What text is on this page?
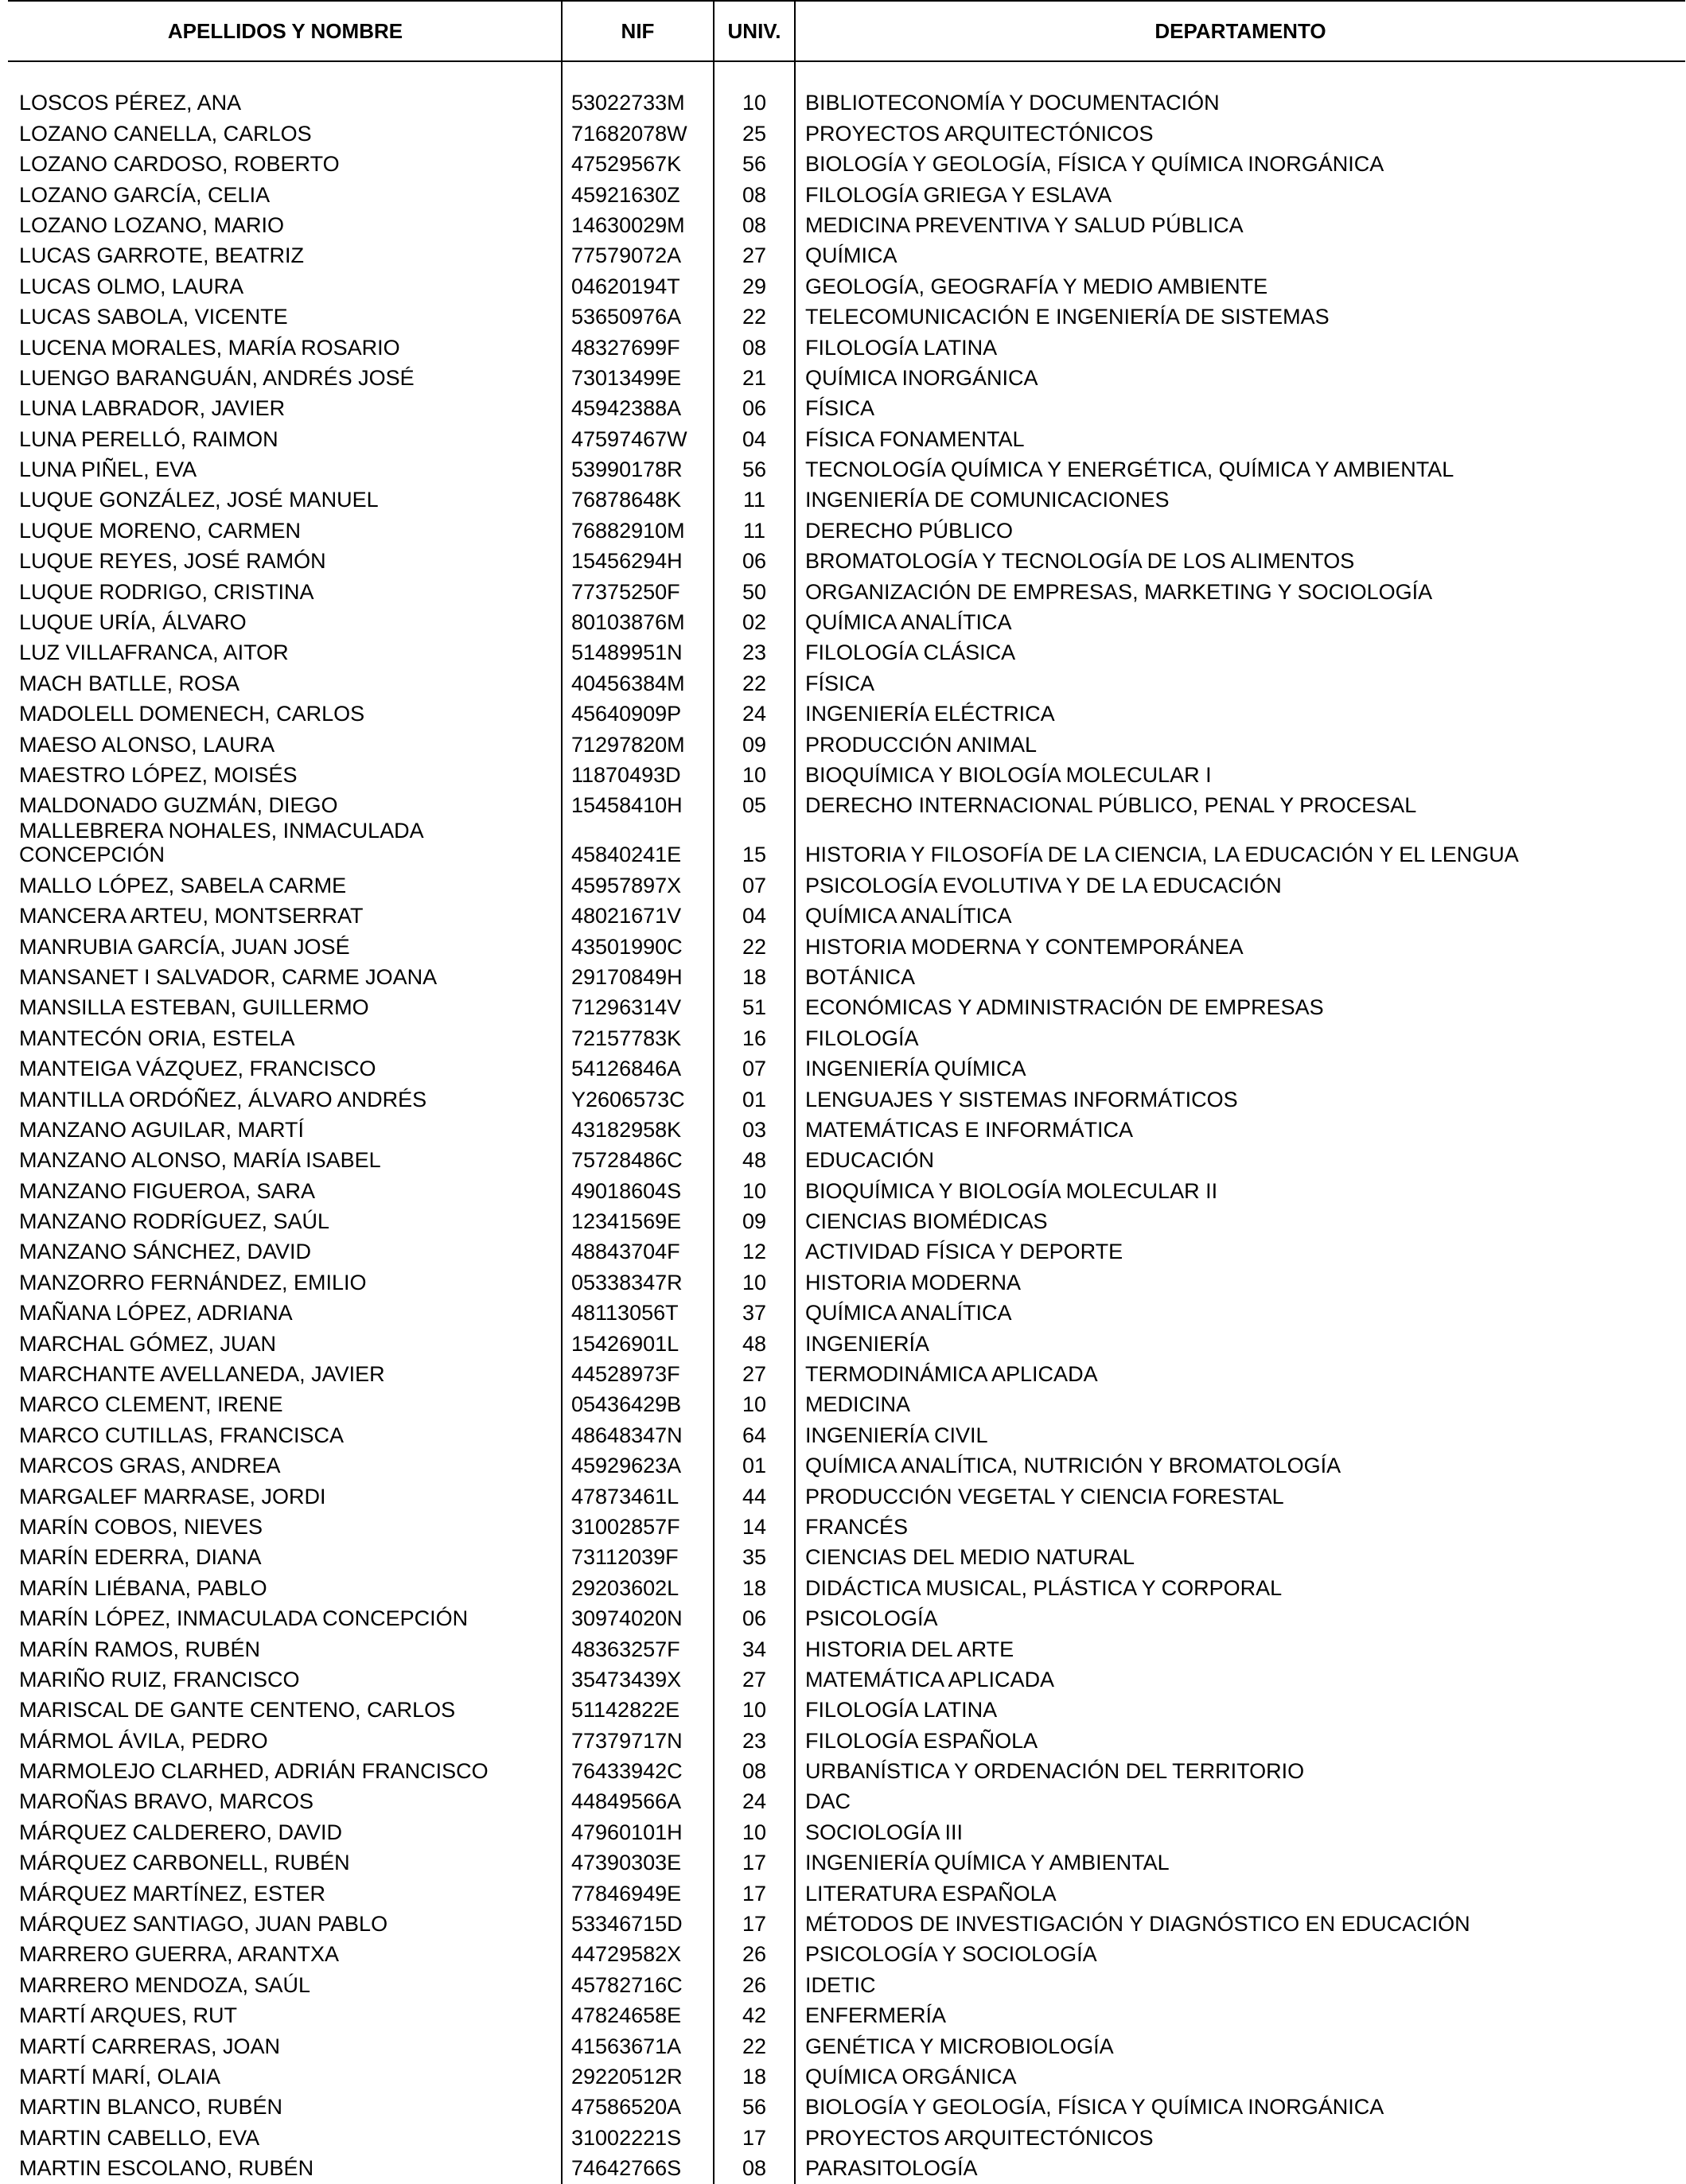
APELLIDOS Y NOMBRE	NIF	UNIV.	DEPARTAMENTO
LOSCOS PÉREZ, ANA	53022733M	10	BIBLIOTECONOMÍA Y DOCUMENTACIÓN
LOZANO CANELLA, CARLOS	71682078W	25	PROYECTOS ARQUITECTÓNICOS
LOZANO CARDOSO, ROBERTO	47529567K	56	BIOLOGÍA Y GEOLOGÍA, FÍSICA Y QUÍMICA INORGÁNICA
LOZANO GARCÍA, CELIA	45921630Z	08	FILOLOGÍA GRIEGA Y ESLAVA
LOZANO LOZANO, MARIO	14630029M	08	MEDICINA PREVENTIVA Y SALUD PÚBLICA
LUCAS GARROTE, BEATRIZ	77579072A	27	QUÍMICA
LUCAS OLMO, LAURA	04620194T	29	GEOLOGÍA, GEOGRAFÍA Y MEDIO AMBIENTE
LUCAS SABOLA, VICENTE	53650976A	22	TELECOMUNICACIÓN E INGENIERÍA DE SISTEMAS
LUCENA MORALES, MARÍA ROSARIO	48327699F	08	FILOLOGÍA LATINA
LUENGO BARANGUÁN, ANDRÉS JOSÉ	73013499E	21	QUÍMICA INORGÁNICA
LUNA LABRADOR, JAVIER	45942388A	06	FÍSICA
LUNA PERELLÓ, RAIMON	47597467W	04	FÍSICA FONAMENTAL
LUNA PIÑEL, EVA	53990178R	56	TECNOLOGÍA QUÍMICA Y ENERGÉTICA, QUÍMICA Y AMBIENTAL
LUQUE GONZÁLEZ, JOSÉ MANUEL	76878648K	11	INGENIERÍA DE COMUNICACIONES
LUQUE MORENO, CARMEN	76882910M	11	DERECHO PÚBLICO
LUQUE REYES, JOSÉ RAMÓN	15456294H	06	BROMATOLOGÍA Y TECNOLOGÍA DE LOS ALIMENTOS
LUQUE RODRIGO, CRISTINA	77375250F	50	ORGANIZACIÓN DE EMPRESAS, MARKETING Y SOCIOLOGÍA
LUQUE URÍA, ÁLVARO	80103876M	02	QUÍMICA ANALÍTICA
LUZ VILLAFRANCA, AITOR	51489951N	23	FILOLOGÍA CLÁSICA
MACH BATLLE, ROSA	40456384M	22	FÍSICA
MADOLELL DOMENECH, CARLOS	45640909P	24	INGENIERÍA ELÉCTRICA
MAESO ALONSO, LAURA	71297820M	09	PRODUCCIÓN ANIMAL
MAESTRO LÓPEZ, MOISÉS	11870493D	10	BIOQUÍMICA Y BIOLOGÍA MOLECULAR I
MALDONADO GUZMÁN, DIEGO	15458410H	05	DERECHO INTERNACIONAL PÚBLICO, PENAL Y PROCESAL
MALLEBRERA NOHALES, INMACULADA CONCEPCIÓN	45840241E	15	HISTORIA Y FILOSOFÍA DE LA CIENCIA, LA EDUCACIÓN Y EL LENGUA
MALLO LÓPEZ, SABELA CARME	45957897X	07	PSICOLOGÍA EVOLUTIVA Y DE LA EDUCACIÓN
MANCERA ARTEU, MONTSERRAT	48021671V	04	QUÍMICA ANALÍTICA
MANRUBIA GARCÍA, JUAN JOSÉ	43501990C	22	HISTORIA MODERNA Y CONTEMPORÁNEA
MANSANET I SALVADOR, CARME JOANA	29170849H	18	BOTÁNICA
MANSILLA ESTEBAN, GUILLERMO	71296314V	51	ECONÓMICAS Y ADMINISTRACIÓN DE EMPRESAS
MANTECÓN ORIA, ESTELA	72157783K	16	FILOLOGÍA
MANTEIGA VÁZQUEZ, FRANCISCO	54126846A	07	INGENIERÍA QUÍMICA
MANTILLA ORDÓÑEZ, ÁLVARO ANDRÉS	Y2606573C	01	LENGUAJES Y SISTEMAS INFORMÁTICOS
MANZANO AGUILAR, MARTÍ	43182958K	03	MATEMÁTICAS E INFORMÁTICA
MANZANO ALONSO, MARÍA ISABEL	75728486C	48	EDUCACIÓN
MANZANO FIGUEROA, SARA	49018604S	10	BIOQUÍMICA Y BIOLOGÍA MOLECULAR II
MANZANO RODRÍGUEZ, SAÚL	12341569E	09	CIENCIAS BIOMÉDICAS
MANZANO SÁNCHEZ, DAVID	48843704F	12	ACTIVIDAD FÍSICA Y DEPORTE
MANZORRO FERNÁNDEZ, EMILIO	05338347R	10	HISTORIA MODERNA
MAÑANA LÓPEZ, ADRIANA	48113056T	37	QUÍMICA ANALÍTICA
MARCHAL GÓMEZ, JUAN	15426901L	48	INGENIERÍA
MARCHANTE AVELLANEDA, JAVIER	44528973F	27	TERMODINÁMICA APLICADA
MARCO CLEMENT, IRENE	05436429B	10	MEDICINA
MARCO CUTILLAS, FRANCISCA	48648347N	64	INGENIERÍA CIVIL
MARCOS GRAS, ANDREA	45929623A	01	QUÍMICA ANALÍTICA, NUTRICIÓN Y BROMATOLOGÍA
MARGALEF MARRASE, JORDI	47873461L	44	PRODUCCIÓN VEGETAL Y CIENCIA FORESTAL
MARÍN COBOS, NIEVES	31002857F	14	FRANCÉS
MARÍN EDERRA, DIANA	73112039F	35	CIENCIAS DEL MEDIO NATURAL
MARÍN LIÉBANA, PABLO	29203602L	18	DIDÁCTICA MUSICAL, PLÁSTICA Y CORPORAL
MARÍN LÓPEZ, INMACULADA CONCEPCIÓN	30974020N	06	PSICOLOGÍA
MARÍN RAMOS, RUBÉN	48363257F	34	HISTORIA DEL ARTE
MARIÑO RUIZ, FRANCISCO	35473439X	27	MATEMÁTICA APLICADA
MARISCAL DE GANTE CENTENO, CARLOS	51142822E	10	FILOLOGÍA LATINA
MÁRMOL ÁVILA, PEDRO	77379717N	23	FILOLOGÍA ESPAÑOLA
MARMOLEJO CLARHED, ADRIÁN FRANCISCO	76433942C	08	URBANÍSTICA Y ORDENACIÓN DEL TERRITORIO
MAROÑAS BRAVO, MARCOS	44849566A	24	DAC
MÁRQUEZ CALDERERO, DAVID	47960101H	10	SOCIOLOGÍA III
MÁRQUEZ CARBONELL, RUBÉN	47390303E	17	INGENIERÍA QUÍMICA Y AMBIENTAL
MÁRQUEZ MARTÍNEZ, ESTER	77846949E	17	LITERATURA ESPAÑOLA
MÁRQUEZ SANTIAGO, JUAN PABLO	53346715D	17	MÉTODOS DE INVESTIGACIÓN Y DIAGNÓSTICO EN EDUCACIÓN
MARRERO GUERRA, ARANTXA	44729582X	26	PSICOLOGÍA Y SOCIOLOGÍA
MARRERO MENDOZA, SAÚL	45782716C	26	IDETIC
MARTÍ ARQUES, RUT	47824658E	42	ENFERMERÍA
MARTÍ CARRERAS, JOAN	41563671A	22	GENÉTICA Y MICROBIOLOGÍA
MARTÍ MARÍ, OLAIA	29220512R	18	QUÍMICA ORGÁNICA
MARTIN BLANCO, RUBÉN	47586520A	56	BIOLOGÍA Y GEOLOGÍA, FÍSICA Y QUÍMICA INORGÁNICA
MARTIN CABELLO, EVA	31002221S	17	PROYECTOS ARQUITECTÓNICOS
MARTIN ESCOLANO, RUBÉN	74642766S	08	PARASITOLOGÍA
